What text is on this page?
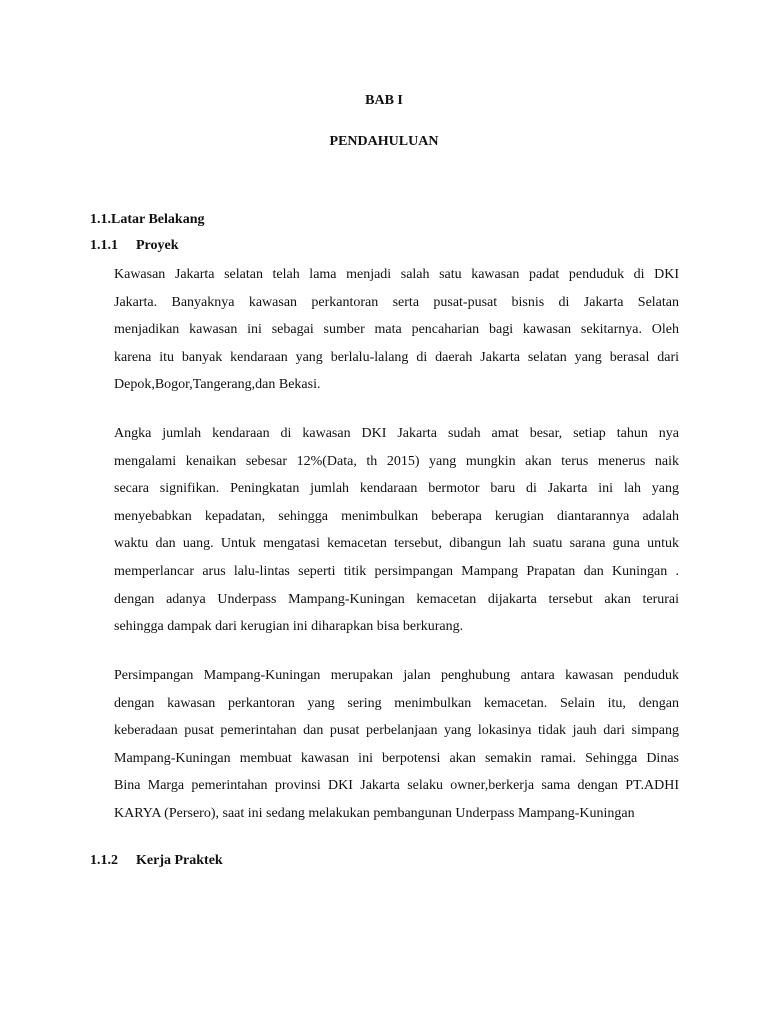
BAB I
PENDAHULUAN
1.1.Latar Belakang
1.1.1 Proyek
Kawasan Jakarta selatan telah lama menjadi salah satu kawasan padat penduduk di DKI
Jakarta. Banyaknya kawasan perkantoran serta pusat-pusat bisnis di Jakarta Selatan
menjadikan kawasan ini sebagai sumber mata pencaharian bagi kawasan sekitarnya. Oleh
karena itu banyak kendaraan yang berlalu-lalang di daerah Jakarta selatan yang berasal dari
Depok,Bogor,Tangerang,dan Bekasi.
Angka jumlah kendaraan di kawasan DKI Jakarta sudah amat besar, setiap tahun nya
mengalami kenaikan sebesar 12%(Data, th 2015) yang mungkin akan terus menerus naik
secara signifikan. Peningkatan jumlah kendaraan bermotor baru di Jakarta ini lah yang
menyebabkan kepadatan, sehingga menimbulkan beberapa kerugian diantarannya adalah
waktu dan uang. Untuk mengatasi kemacetan tersebut, dibangun lah suatu sarana guna untuk
memperlancar arus lalu-lintas seperti titik persimpangan Mampang Prapatan dan Kuningan .
dengan adanya Underpass Mampang-Kuningan kemacetan dijakarta tersebut akan terurai
sehingga dampak dari kerugian ini diharapkan bisa berkurang.
Persimpangan Mampang-Kuningan merupakan jalan penghubung antara kawasan penduduk
dengan kawasan perkantoran yang sering menimbulkan kemacetan. Selain itu, dengan
keberadaan pusat pemerintahan dan pusat perbelanjaan yang lokasinya tidak jauh dari simpang
Mampang-Kuningan membuat kawasan ini berpotensi akan semakin ramai. Sehingga Dinas
Bina Marga pemerintahan provinsi DKI Jakarta selaku owner,berkerja sama dengan PT.ADHI
KARYA (Persero), saat ini sedang melakukan pembangunan Underpass Mampang-Kuningan
1.1.2 Kerja Praktek
